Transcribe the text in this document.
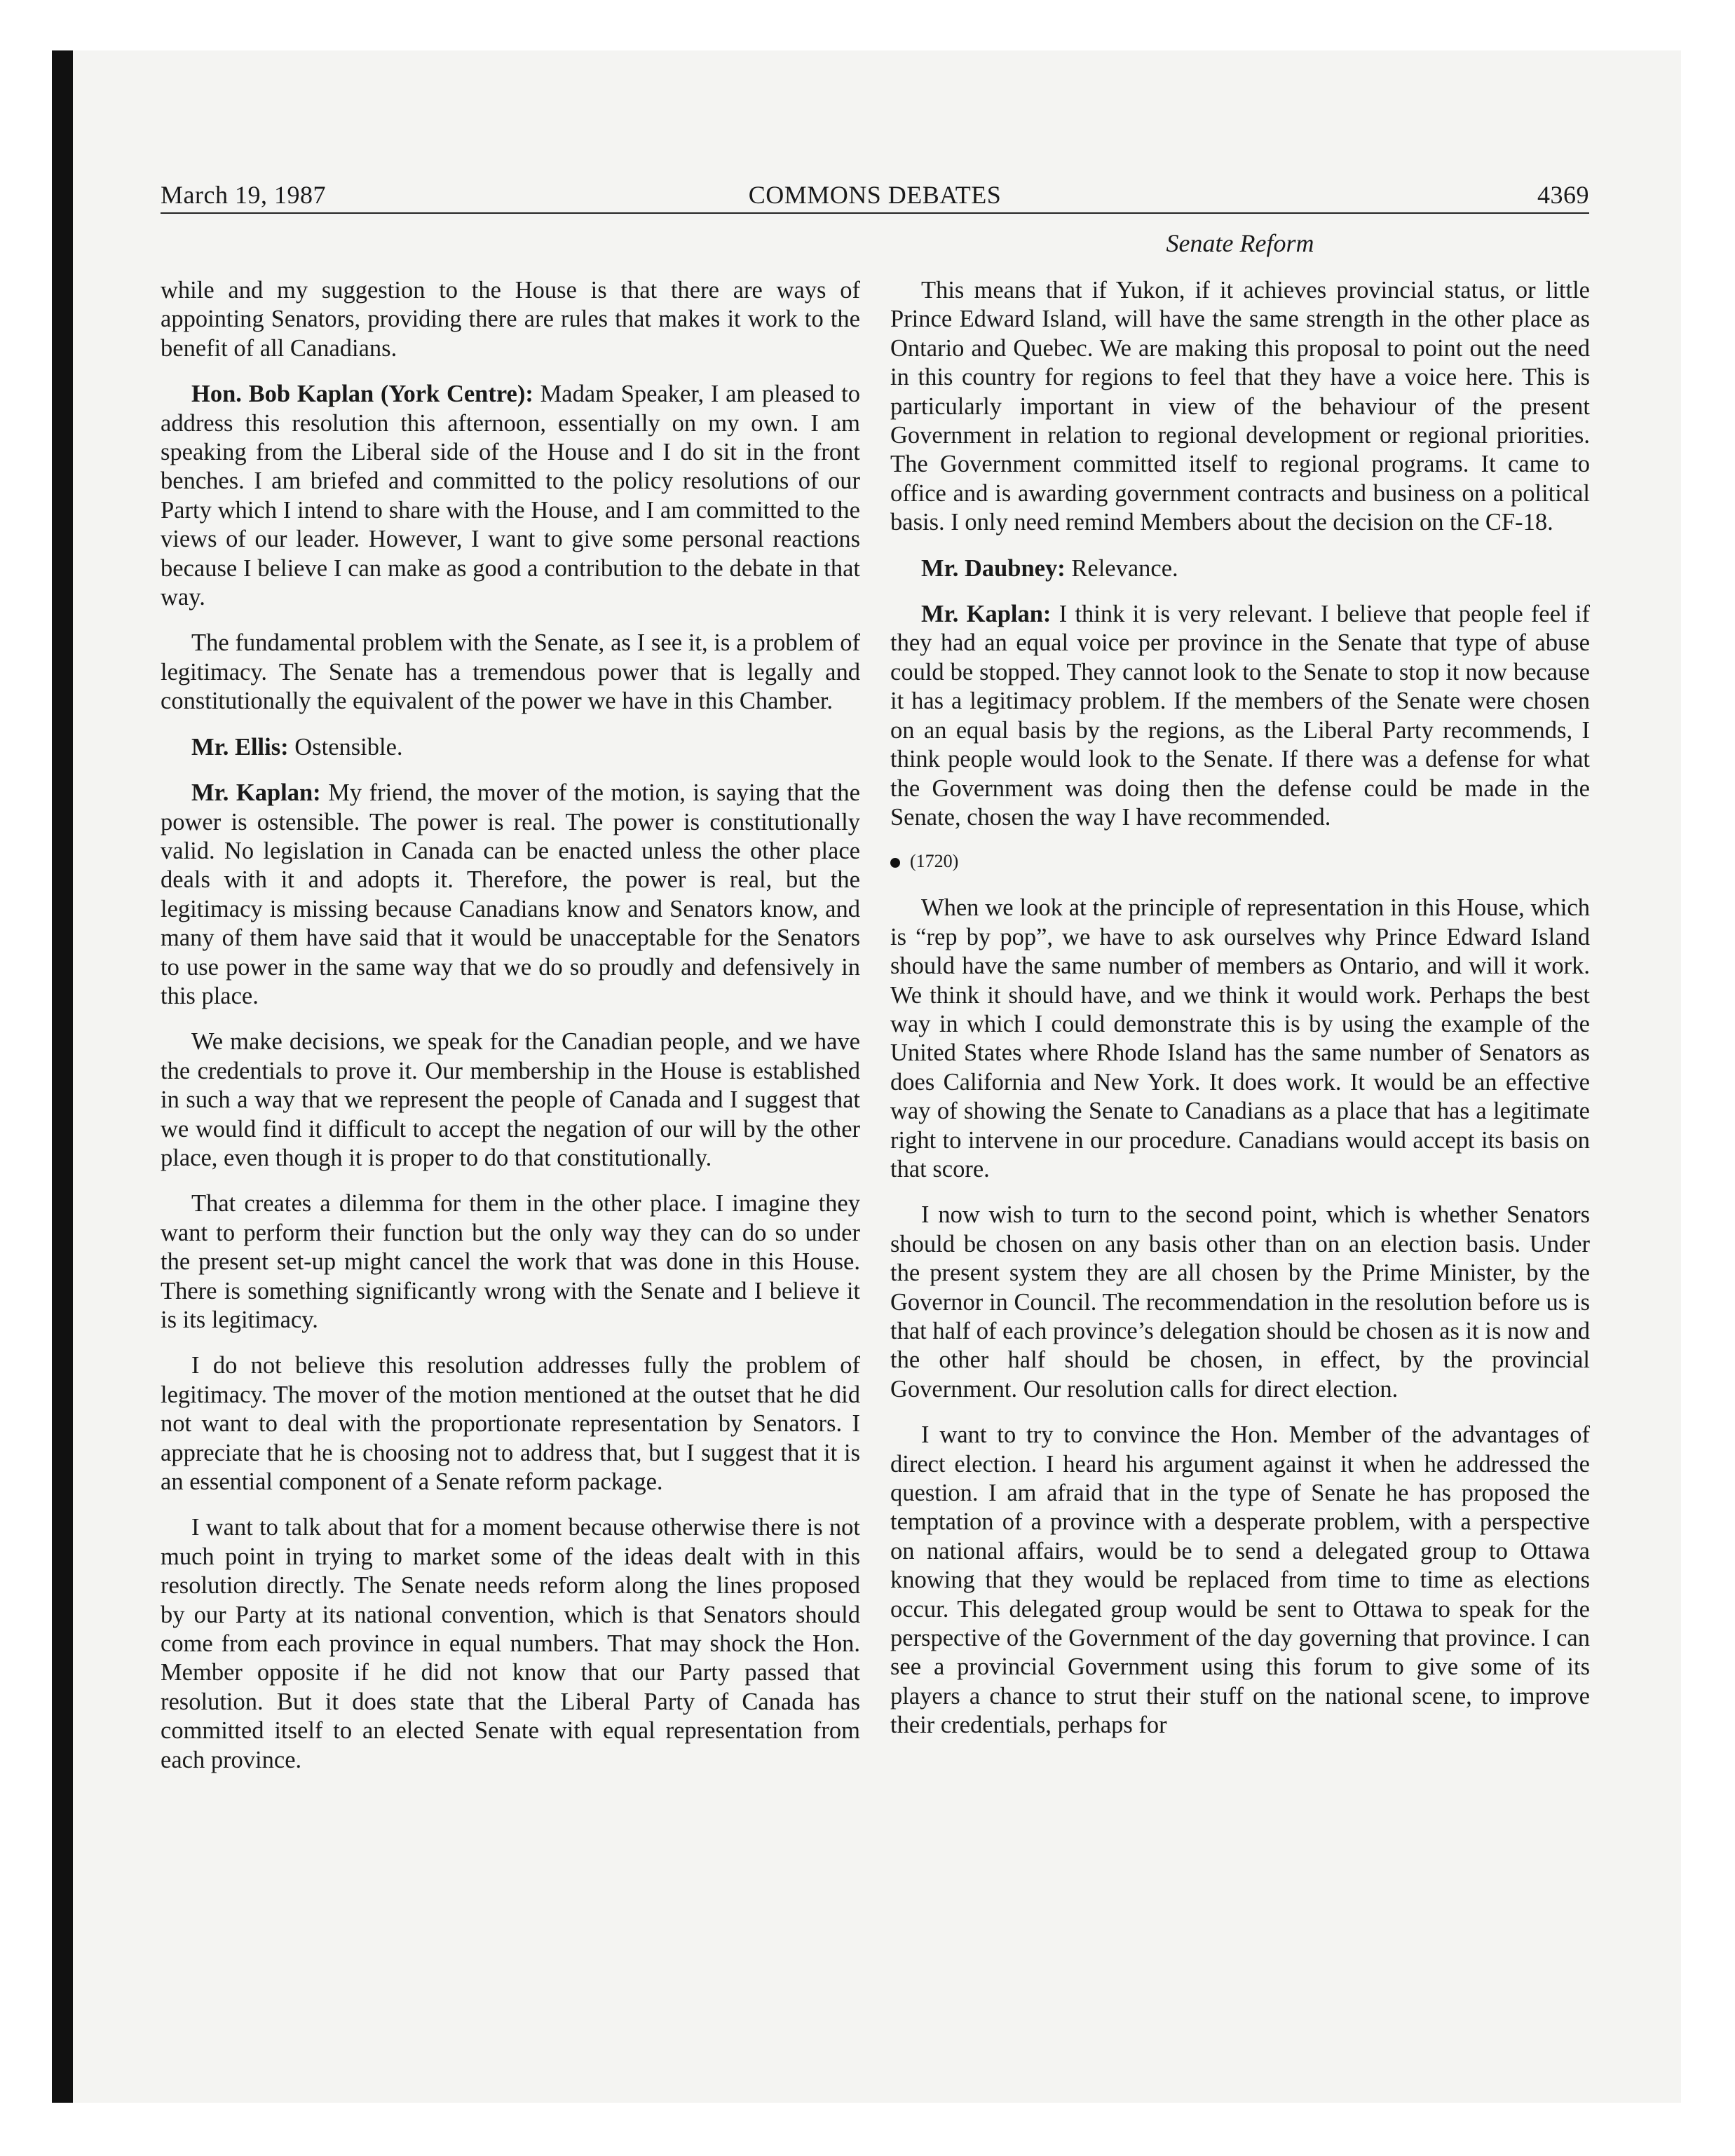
March 19, 1987	COMMONS DEBATES	4369
Senate Reform

while and my suggestion to the House is that there are ways of appointing Senators, providing there are rules that makes it work to the benefit of all Canadians.

Hon. Bob Kaplan (York Centre): Madam Speaker, I am pleased to address this resolution this afternoon, essentially on my own. I am speaking from the Liberal side of the House and I do sit in the front benches. I am briefed and committed to the policy resolutions of our Party which I intend to share with the House, and I am committed to the views of our leader. However, I want to give some personal reactions because I believe I can make as good a contribution to the debate in that way.

The fundamental problem with the Senate, as I see it, is a problem of legitimacy. The Senate has a tremendous power that is legally and constitutionally the equivalent of the power we have in this Chamber.

Mr. Ellis: Ostensible.

Mr. Kaplan: My friend, the mover of the motion, is saying that the power is ostensible. The power is real. The power is constitutionally valid. No legislation in Canada can be enacted unless the other place deals with it and adopts it. Therefore, the power is real, but the legitimacy is missing because Canadians know and Senators know, and many of them have said that it would be unacceptable for the Senators to use power in the same way that we do so proudly and defensively in this place.

We make decisions, we speak for the Canadian people, and we have the credentials to prove it. Our membership in the House is established in such a way that we represent the people of Canada and I suggest that we would find it difficult to accept the negation of our will by the other place, even though it is proper to do that constitutionally.

That creates a dilemma for them in the other place. I imagine they want to perform their function but the only way they can do so under the present set-up might cancel the work that was done in this House. There is something significantly wrong with the Senate and I believe it is its legitimacy.

I do not believe this resolution addresses fully the problem of legitimacy. The mover of the motion mentioned at the outset that he did not want to deal with the proportionate representation by Senators. I appreciate that he is choosing not to address that, but I suggest that it is an essential component of a Senate reform package.

I want to talk about that for a moment because otherwise there is not much point in trying to market some of the ideas dealt with in this resolution directly. The Senate needs reform along the lines proposed by our Party at its national convention, which is that Senators should come from each province in equal numbers. That may shock the Hon. Member opposite if he did not know that our Party passed that resolution. But it does state that the Liberal Party of Canada has committed itself to an elected Senate with equal representation from each province.

This means that if Yukon, if it achieves provincial status, or little Prince Edward Island, will have the same strength in the other place as Ontario and Quebec. We are making this proposal to point out the need in this country for regions to feel that they have a voice here. This is particularly important in view of the behaviour of the present Government in relation to regional development or regional priorities. The Government committed itself to regional programs. It came to office and is awarding government contracts and business on a political basis. I only need remind Members about the decision on the CF-18.

Mr. Daubney: Relevance.

Mr. Kaplan: I think it is very relevant. I believe that people feel if they had an equal voice per province in the Senate that type of abuse could be stopped. They cannot look to the Senate to stop it now because it has a legitimacy problem. If the members of the Senate were chosen on an equal basis by the regions, as the Liberal Party recommends, I think people would look to the Senate. If there was a defense for what the Government was doing then the defense could be made in the Senate, chosen the way I have recommended.

(1720)

When we look at the principle of representation in this House, which is “rep by pop”, we have to ask ourselves why Prince Edward Island should have the same number of members as Ontario, and will it work. We think it should have, and we think it would work. Perhaps the best way in which I could demonstrate this is by using the example of the United States where Rhode Island has the same number of Senators as does California and New York. It does work. It would be an effective way of showing the Senate to Canadians as a place that has a legitimate right to intervene in our procedure. Canadians would accept its basis on that score.

I now wish to turn to the second point, which is whether Senators should be chosen on any basis other than on an election basis. Under the present system they are all chosen by the Prime Minister, by the Governor in Council. The recommendation in the resolution before us is that half of each province’s delegation should be chosen as it is now and the other half should be chosen, in effect, by the provincial Government. Our resolution calls for direct election.

I want to try to convince the Hon. Member of the advantages of direct election. I heard his argument against it when he addressed the question. I am afraid that in the type of Senate he has proposed the temptation of a province with a desperate problem, with a perspective on national affairs, would be to send a delegated group to Ottawa knowing that they would be replaced from time to time as elections occur. This delegated group would be sent to Ottawa to speak for the perspective of the Government of the day governing that province. I can see a provincial Government using this forum to give some of its players a chance to strut their stuff on the national scene, to improve their credentials, perhaps for
